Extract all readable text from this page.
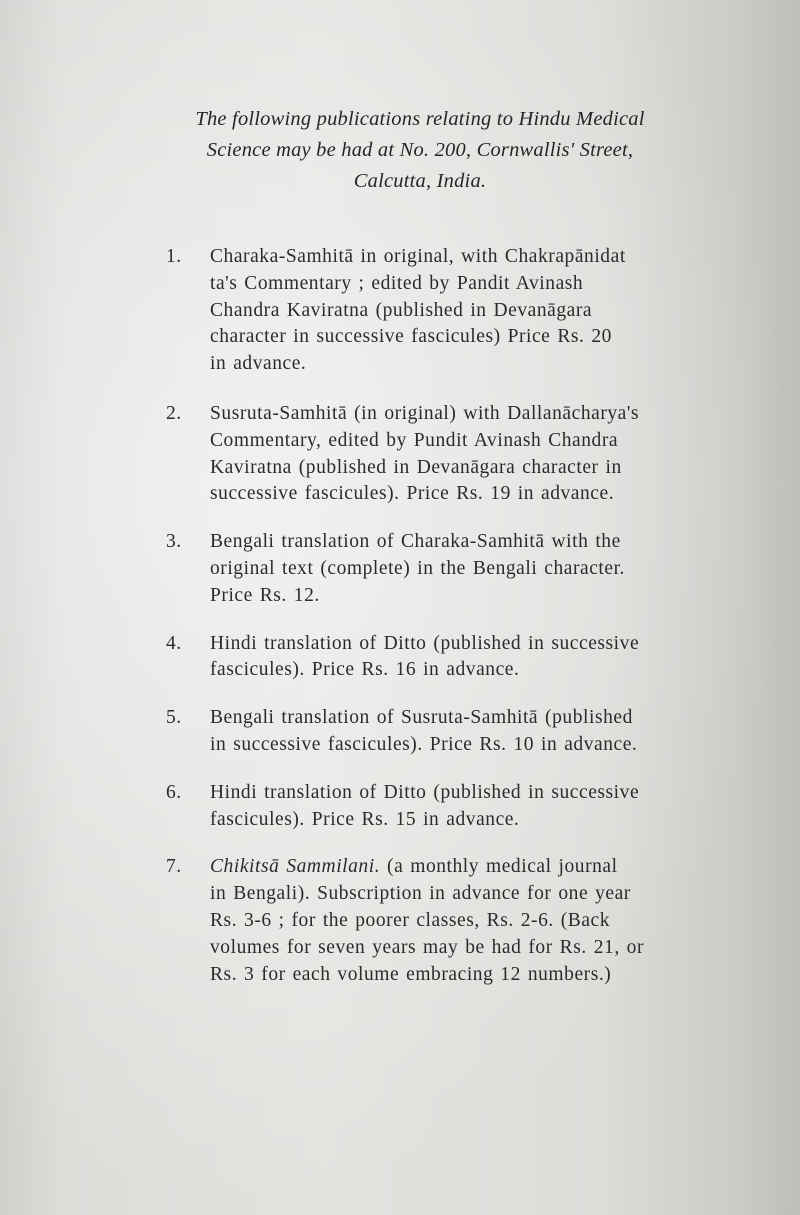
The following publications relating to Hindu Medical
Science may be had at No. 200, Cornwallis' Street,
Calcutta, India.
1.	Charaka-Samhitā in original, with Chakrapānidat
ta's Commentary ; edited by Pandit Avinash
Chandra Kaviratna (published in Devanāgara
character in successive fascicules) Price Rs. 20
in advance.
2.	Susruta-Samhitā (in original) with Dallanācharya's
Commentary, edited by Pundit Avinash Chandra
Kaviratna (published in Devanāgara character in
successive fascicules). Price Rs. 19 in advance.
3.	Bengali translation of Charaka-Samhitā with the
original text (complete) in the Bengali character.
Price Rs. 12.
4.	Hindi translation of Ditto (published in successive
fascicules). Price Rs. 16 in advance.
5.	Bengali translation of Susruta-Samhitā (published
in successive fascicules). Price Rs. 10 in advance.
6.	Hindi translation of Ditto (published in successive
fascicules). Price Rs. 15 in advance.
7.	Chikitsā Sammilani. (a monthly medical journal
in Bengali). Subscription in advance for one year
Rs. 3-6 ; for the poorer classes, Rs. 2-6. (Back
volumes for seven years may be had for Rs. 21, or
Rs. 3 for each volume embracing 12 numbers.)
